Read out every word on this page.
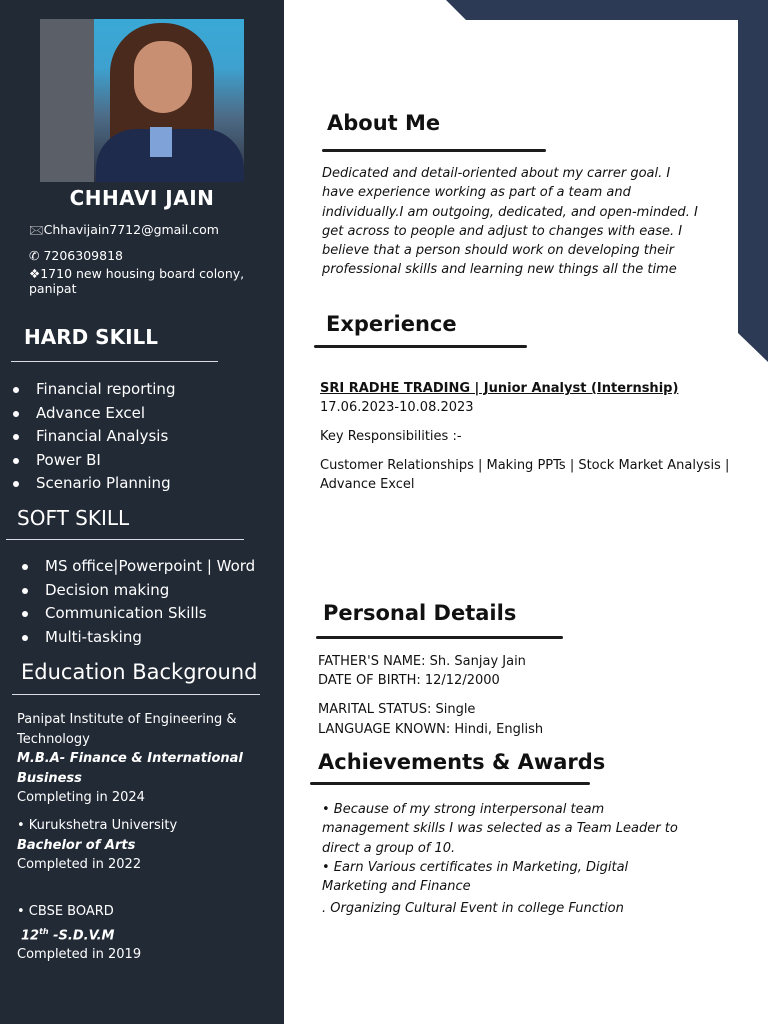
CHHAVI JAIN
🖂Chhavijain7712@gmail.com
✆ 7206309818
❖1710 new housing board colony, panipat
HARD SKILL
Financial reporting
Advance Excel
Financial Analysis
Power BI
Scenario Planning
SOFT SKILL
MS office|Powerpoint | Word
Decision making
Communication Skills
Multi-tasking
Education Background
Panipat Institute of Engineering & Technology
M.B.A- Finance & International Business
Completing in 2024
• Kurukshetra University
Bachelor of Arts
Completed in 2022
• CBSE BOARD
12th -S.D.V.M
Completed in 2019
About Me
Dedicated and detail-oriented about my carrer goal. I have experience working as part of a team and individually.I am outgoing, dedicated, and open-minded. I get across to people and adjust to changes with ease. I believe that a person should work on developing their professional skills and learning new things all the time
Experience
SRI RADHE TRADING | Junior Analyst (Internship)
17.06.2023-10.08.2023
Key Responsibilities :-
Customer Relationships | Making PPTs | Stock Market Analysis | Advance Excel
Personal Details
FATHER'S NAME: Sh. Sanjay Jain
DATE OF BIRTH: 12/12/2000
MARITAL STATUS: Single
LANGUAGE KNOWN: Hindi, English
Achievements & Awards
• Because of my strong interpersonal team management skills I was selected as a Team Leader to direct a group of 10.
• Earn Various certificates in Marketing, Digital Marketing and Finance
. Organizing Cultural Event in college Function
